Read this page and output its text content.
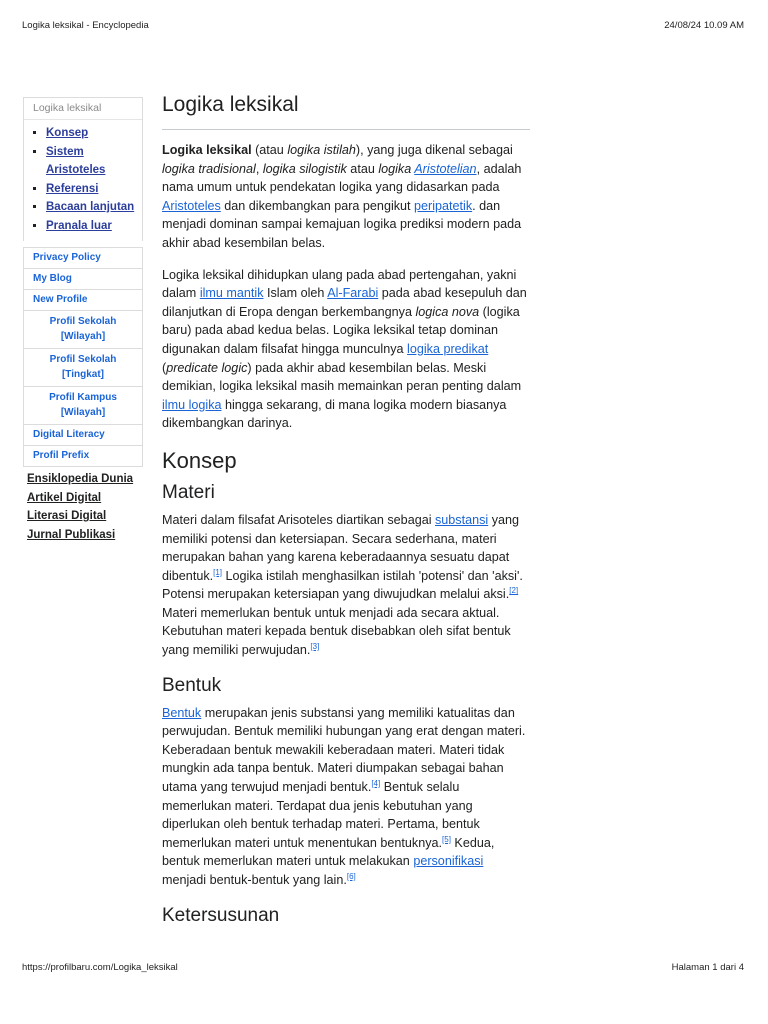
Logika leksikal - Encyclopedia	24/08/24 10.09 AM
Logika leksikal
▪ Konsep
▪ Sistem Aristoteles
▪ Referensi
▪ Bacaan lanjutan
▪ Pranala luar
Privacy Policy
My Blog
New Profile
Profil Sekolah [Wilayah]
Profil Sekolah [Tingkat]
Profil Kampus [Wilayah]
Digital Literacy
Profil Prefix
Ensiklopedia Dunia
Artikel Digital
Literasi Digital
Jurnal Publikasi
Logika leksikal

Logika leksikal (atau logika istilah), yang juga dikenal sebagai logika tradisional, logika silogistik atau logika Aristotelian, adalah nama umum untuk pendekatan logika yang didasarkan pada Aristoteles dan dikembangkan para pengikut peripatetik. dan menjadi dominan sampai kemajuan logika prediksi modern pada akhir abad kesembilan belas.

Logika leksikal dihidupkan ulang pada abad pertengahan, yakni dalam ilmu mantik Islam oleh Al-Farabi pada abad kesepuluh dan dilanjutkan di Eropa dengan berkembangnya logica nova (logika baru) pada abad kedua belas. Logika leksikal tetap dominan digunakan dalam filsafat hingga munculnya logika predikat (predicate logic) pada akhir abad kesembilan belas. Meski demikian, logika leksikal masih memainkan peran penting dalam ilmu logika hingga sekarang, di mana logika modern biasanya dikembangkan darinya.

Konsep
Materi

Materi dalam filsafat Arisoteles diartikan sebagai substansi yang memiliki potensi dan ketersiapan. Secara sederhana, materi merupakan bahan yang karena keberadaannya sesuatu dapat dibentuk.[1] Logika istilah menghasilkan istilah 'potensi' dan 'aksi'. Potensi merupakan ketersiapan yang diwujudkan melalui aksi.[2] Materi memerlukan bentuk untuk menjadi ada secara aktual. Kebutuhan materi kepada bentuk disebabkan oleh sifat bentuk yang memiliki perwujudan.[3]

Bentuk

Bentuk merupakan jenis substansi yang memiliki katualitas dan perwujudan. Bentuk memiliki hubungan yang erat dengan materi. Keberadaan bentuk mewakili keberadaan materi. Materi tidak mungkin ada tanpa bentuk. Materi diumpakan sebagai bahan utama yang terwujud menjadi bentuk.[4] Bentuk selalu memerlukan materi. Terdapat dua jenis kebutuhan yang diperlukan oleh bentuk terhadap materi. Pertama, bentuk memerlukan materi untuk menentukan bentuknya.[5] Kedua, bentuk memerlukan materi untuk melakukan personifikasi menjadi bentuk-bentuk yang lain.[6]

Ketersusunan
https://profilbaru.com/Logika_leksikal	Halaman 1 dari 4
